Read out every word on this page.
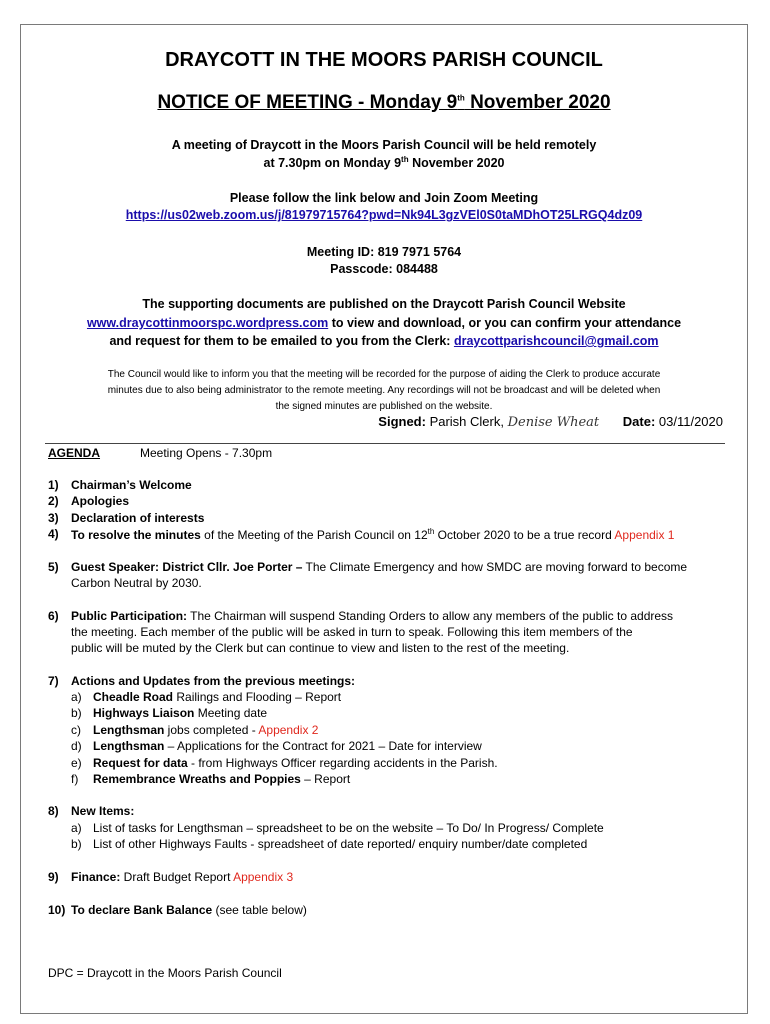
DRAYCOTT IN THE MOORS PARISH COUNCIL
NOTICE OF MEETING - Monday 9th November 2020
A meeting of Draycott in the Moors Parish Council will be held remotely
at 7.30pm on Monday 9th November 2020
Please follow the link below and Join Zoom Meeting
https://us02web.zoom.us/j/81979715764?pwd=Nk94L3gzVEl0S0taMDhOT25LRGQ4dz09
Meeting ID: 819 7971 5764
Passcode: 084488
The supporting documents are published on the Draycott Parish Council Website
www.draycottinmoorspc.wordpress.com to view and download, or you can confirm your attendance
and request for them to be emailed to you from the Clerk: draycottparishcouncil@gmail.com
The Council would like to inform you that the meeting will be recorded for the purpose of aiding the Clerk to produce accurate
minutes due to also being administrator to the remote meeting. Any recordings will not be broadcast and will be deleted when
the signed minutes are published on the website.
Signed: Parish Clerk, Denise Wheat Date: 03/11/2020
AGENDA	Meeting Opens - 7.30pm
1) Chairman’s Welcome
2) Apologies
3) Declaration of interests
4) To resolve the minutes of the Meeting of the Parish Council on 12th October 2020 to be a true record Appendix 1
5) Guest Speaker: District Cllr. Joe Porter – The Climate Emergency and how SMDC are moving forward to become
Carbon Neutral by 2030.
6) Public Participation: The Chairman will suspend Standing Orders to allow any members of the public to address
the meeting. Each member of the public will be asked in turn to speak. Following this item members of the
public will be muted by the Clerk but can continue to view and listen to the rest of the meeting.
7) Actions and Updates from the previous meetings:
a) Cheadle Road Railings and Flooding – Report
b) Highways Liaison Meeting date
c) Lengthsman jobs completed - Appendix 2
d) Lengthsman – Applications for the Contract for 2021 – Date for interview
e) Request for data - from Highways Officer regarding accidents in the Parish.
f) Remembrance Wreaths and Poppies – Report
8) New Items:
a) List of tasks for Lengthsman – spreadsheet to be on the website – To Do/ In Progress/ Complete
b) List of other Highways Faults - spreadsheet of date reported/ enquiry number/date completed
9) Finance: Draft Budget Report Appendix 3
10) To declare Bank Balance (see table below)
DPC = Draycott in the Moors Parish Council
